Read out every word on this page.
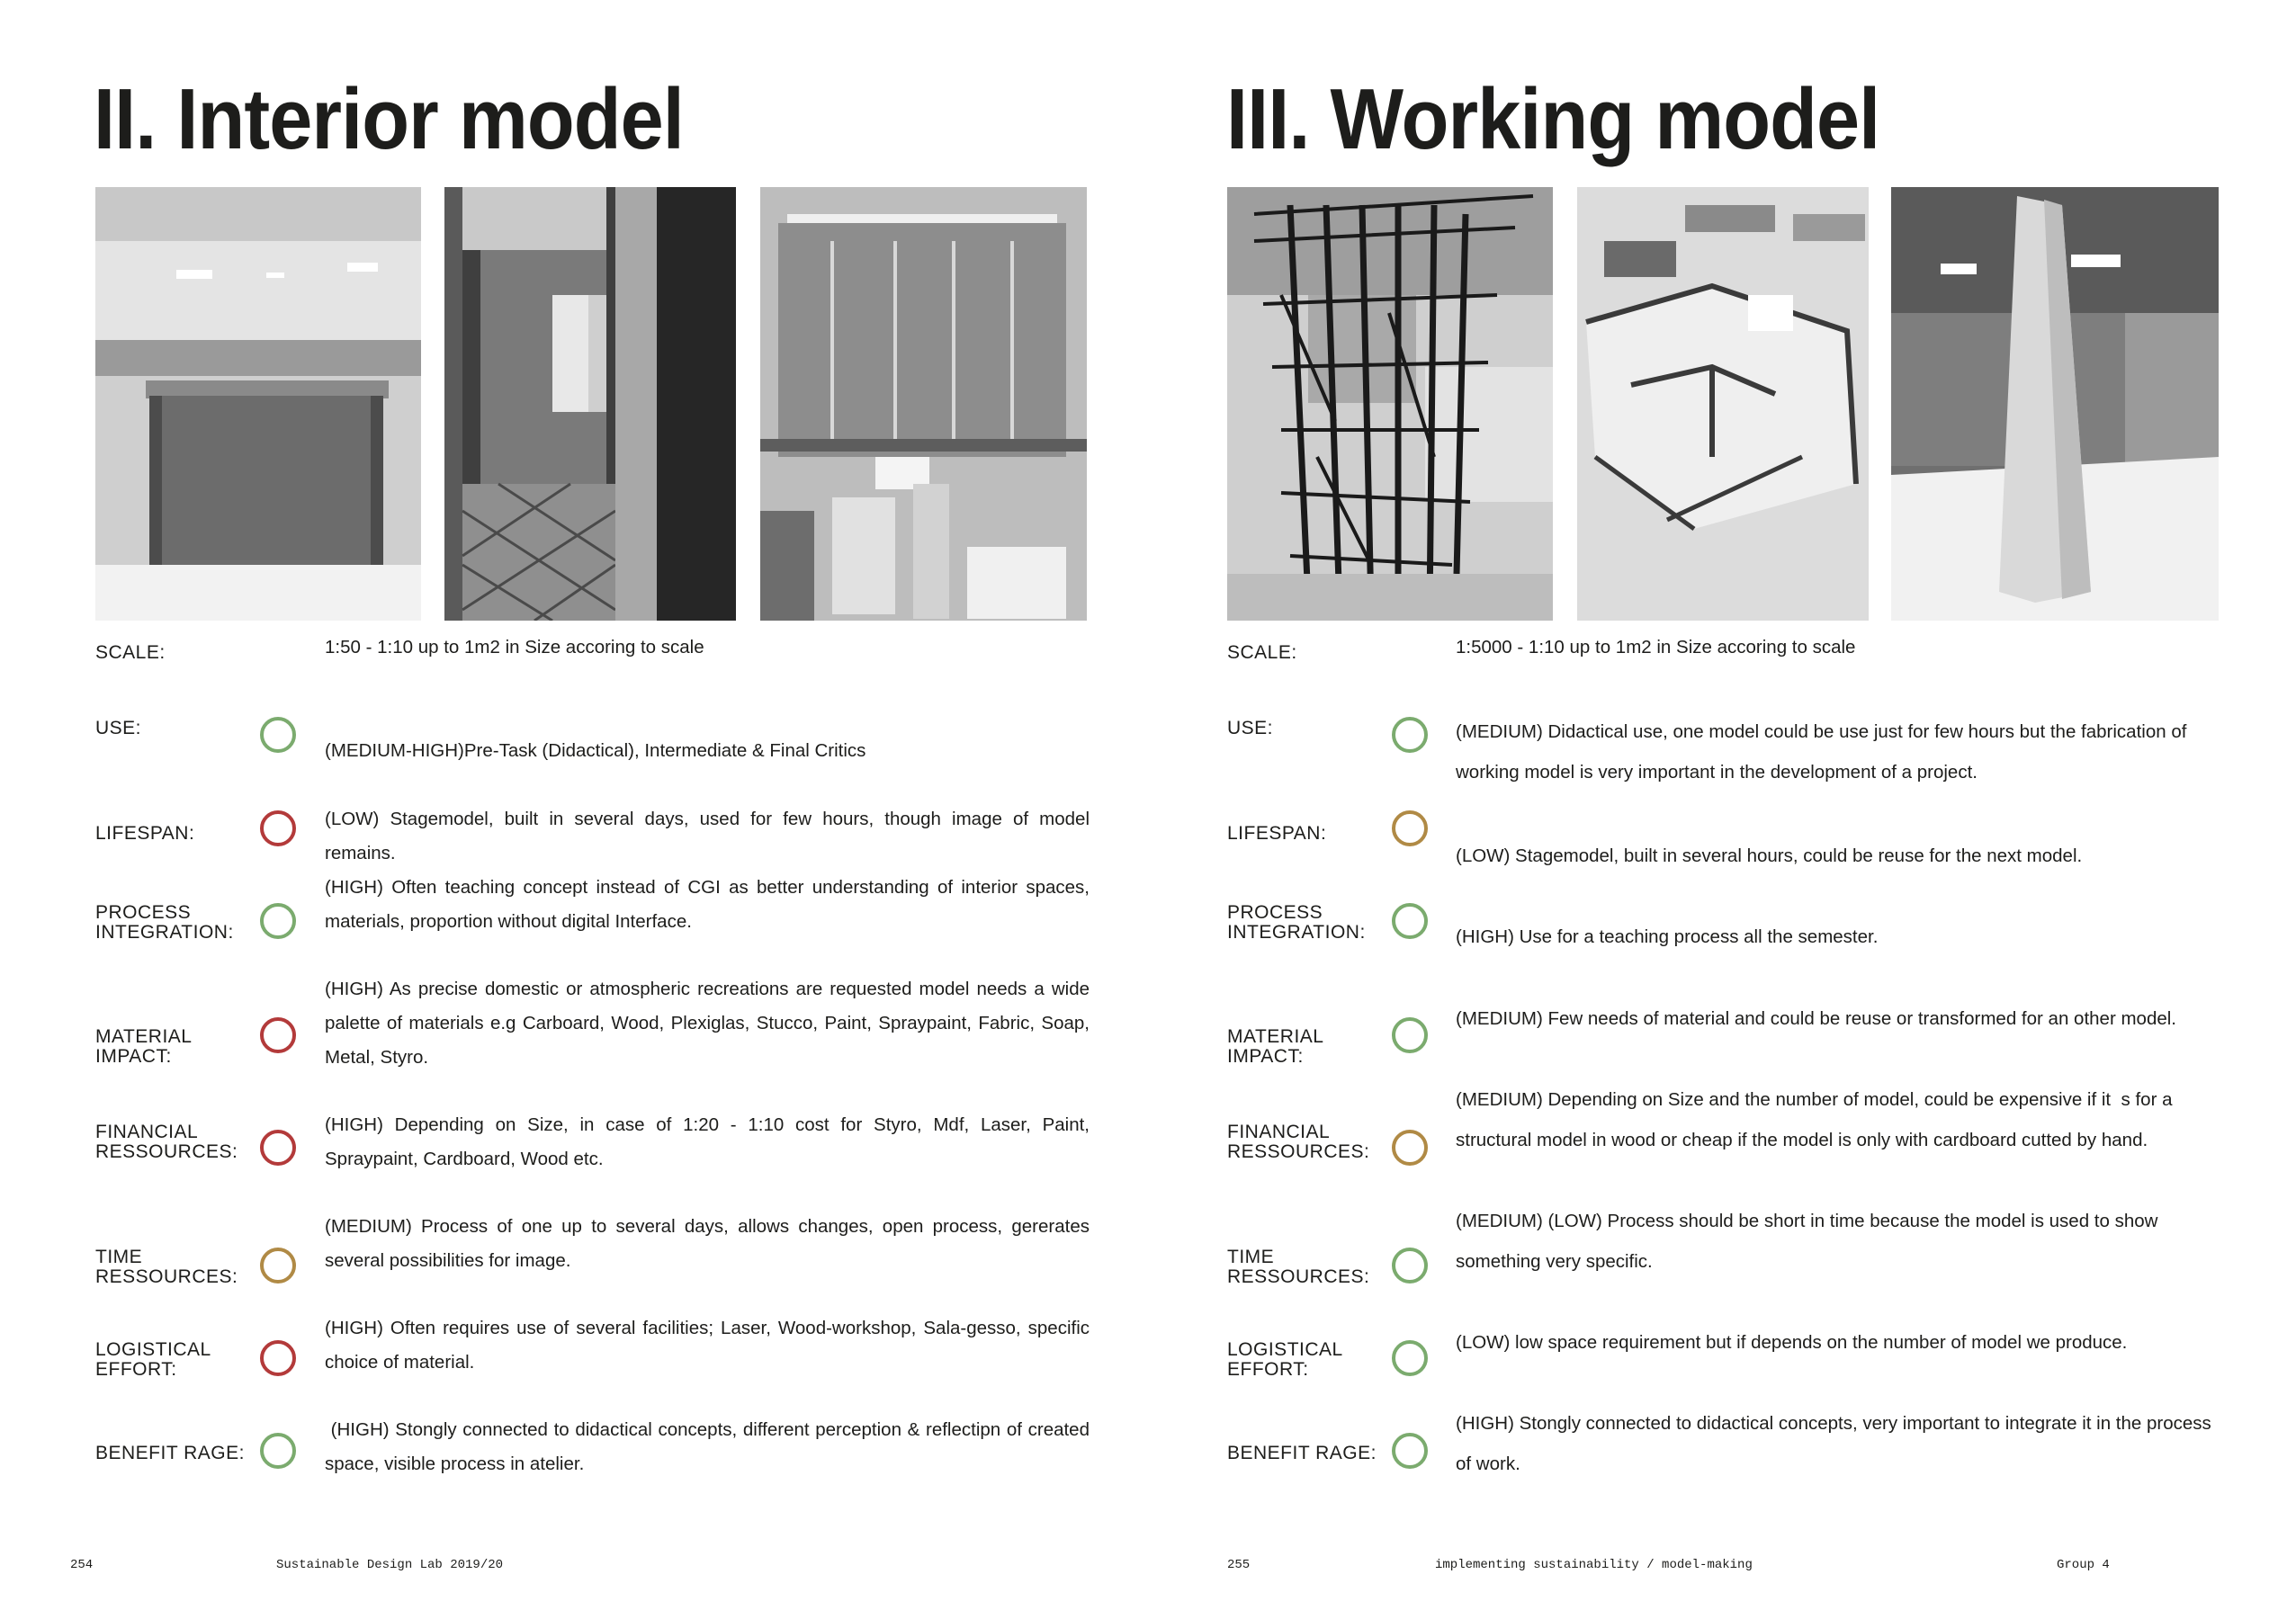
II. Interior model
SCALE:	1:50 - 1:10 up to 1m2 in Size accoring to scale
USE:
(MEDIUM-HIGH)Pre-Task (Didactical), Intermediate & Final Critics
LIFESPAN:
(LOW) Stagemodel, built in several days, used for few hours, though image of model remains.
PROCESS
INTEGRATION:
(HIGH) Often teaching concept instead of CGI as better understanding of interior spaces, materials, proportion without digital Interface.
MATERIAL
IMPACT:
(HIGH) As precise domestic or atmospheric recreations are requested model needs a wide palette of materials e.g Carboard, Wood, Plexiglas, Stucco, Paint, Spraypaint, Fabric, Soap, Metal, Styro.
FINANCIAL
RESSOURCES:
(HIGH) Depending on Size, in case of 1:20 - 1:10 cost for Styro, Mdf, Laser, Paint, Spraypaint, Cardboard, Wood etc.
TIME
RESSOURCES:
(MEDIUM) Process of one up to several days, allows changes, open process, gererates several possibilities for image.
LOGISTICAL
EFFORT:
(HIGH) Often requires use of several facilities; Laser, Wood-workshop, Sala-gesso, specific choice of material.
BENEFIT RAGE:
(HIGH) Stongly connected to didactical concepts, different perception & reflectipn of created space, visible process in atelier.
254	Sustainable Design Lab 2019/20
III. Working model
SCALE:	1:5000 - 1:10 up to 1m2 in Size accoring to scale
USE:	(MEDIUM) Didactical use, one model could be use just for few hours but the fabrication of working model is very important in the development of a project.
LIFESPAN:
(LOW) Stagemodel, built in several hours, could be reuse for the next model.
PROCESS
INTEGRATION:	(HIGH) Use for a teaching process all the semester.
MATERIAL
IMPACT:
(MEDIUM) Few needs of material and could be reuse or transformed for an other model.
FINANCIAL
RESSOURCES:
(MEDIUM) Depending on Size and the number of model, could be expensive if it  s for a structural model in wood or cheap if the model is only with cardboard cutted by hand.
TIME
RESSOURCES:
(MEDIUM) (LOW) Process should be short in time because the model is used to show something very specific.
LOGISTICAL
EFFORT:
(LOW) low space requirement but if depends on the number of model we produce.
BENEFIT RAGE:
(HIGH) Stongly connected to didactical concepts, very important to integrate it in the process of work.
255	implementing sustainability / model-making	Group 4
